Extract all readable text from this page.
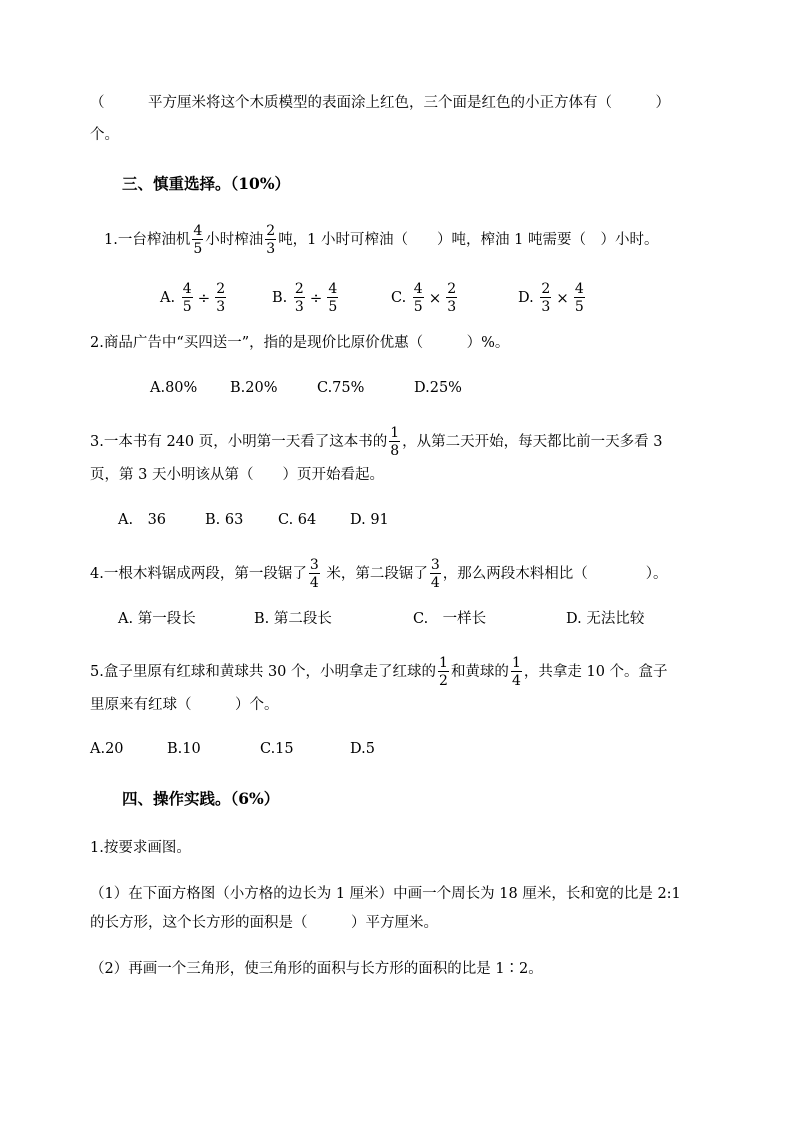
（　　　平方厘米将这个木质模型的表面涂上红色，三个面是红色的小正方体有（　　　）
个。
三、慎重选择。（10%）
1.一台榨油机 $\frac{4}{5}$ 小时榨油 $\frac{2}{3}$ 吨，1 小时可榨油（　　）吨，榨油 1 吨需要（　）小时。
A. $\frac{4}{5} \div \frac{2}{3}$	B. $\frac{2}{3} \div \frac{4}{5}$	C. $\frac{4}{5} \times \frac{2}{3}$	D. $\frac{2}{3} \times \frac{4}{5}$
2.商品广告中“买四送一”，指的是现价比原价优惠（　　　）%。
A.80% B.20%	C.75%	D.25%
3.一本书有 240 页，小明第一天看了这本书的 $\frac{1}{8}$ ，从第二天开始，每天都比前一天多看 3
页，第 3 天小明该从第（　　）页开始看起。
A.　36	B. 63 C. 64 D. 91
4.一根木料锯成两段，第一段锯了 $\frac{3}{4}$ 米，第二段锯了 $\frac{3}{4}$ ，那么两段木料相比（　　　　）。
A. 第一段长	B. 第二段长	C.　一样长	D. 无法比较
5.盒子里原有红球和黄球共 30 个，小明拿走了红球的 $\frac{1}{2}$ 和黄球的 $\frac{1}{4}$ ，共拿走 10 个。盒子
里原来有红球（　　　）个。
A.20	B.10	C.15	D.5
四、操作实践。（6%）
1.按要求画图。
（1）在下面方格图（小方格的边长为 1 厘米）中画一个周长为 18 厘米，长和宽的比是 2:1
的长方形，这个长方形的面积是（　　　）平方厘米。
（2）再画一个三角形，使三角形的面积与长方形的面积的比是 1∶2。
